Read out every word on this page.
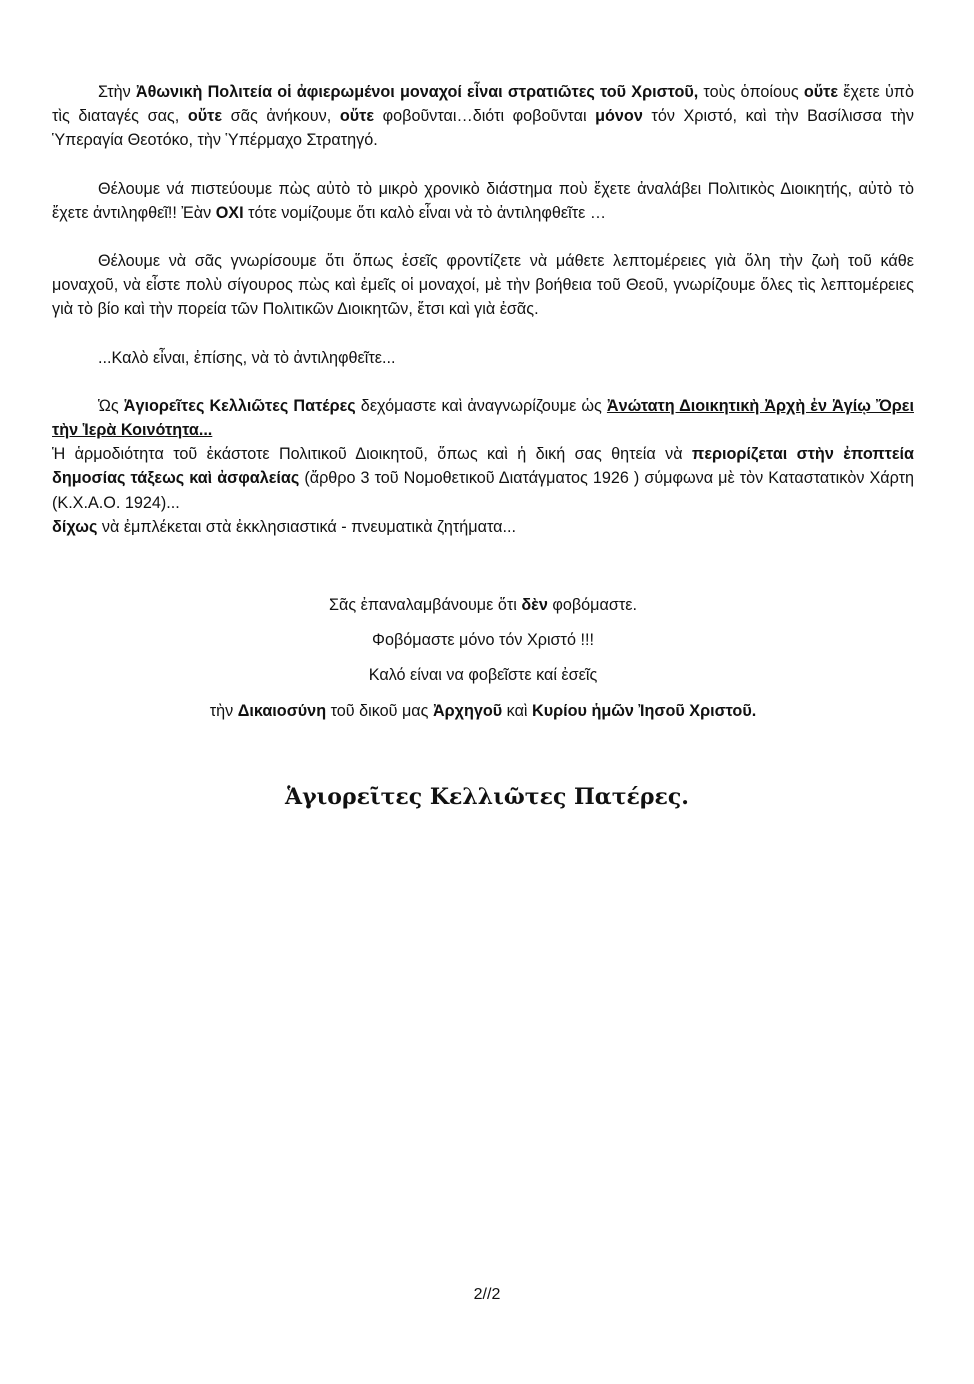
Στὴν Ἀθωνικὴ Πολιτεία οἱ ἀφιερωμένοι μοναχοί εἶναι στρατιῶτες τοῦ Χριστοῦ, τοὺς ὁποίους οὔτε ἔχετε ὑπὸ τὶς διαταγές σας, οὔτε σᾶς ἀνήκουν, οὔτε φοβοῦνται…διότι φοβοῦνται μόνον τόν Χριστό, καὶ τὴν Βασίλισσα τὴν Ὑπεραγία Θεοτόκο, τὴν Ὑπέρμαχο Στρατηγό.

Θέλουμε νά πιστεύουμε πὼς αὐτὸ τὸ μικρὸ χρονικὸ διάστημα ποὺ ἔχετε ἀναλάβει Πολιτικὸς Διοικητής, αὐτὸ τὸ ἔχετε ἀντιληφθεῖ!! Ἐὰν ΟΧΙ τότε νομίζουμε ὅτι καλὸ εἶναι νὰ τὸ ἀντιληφθεῖτε …

Θέλουμε νὰ σᾶς γνωρίσουμε ὅτι ὅπως ἐσεῖς φροντίζετε νὰ μάθετε λεπτομέρειες γιὰ ὅλη τὴν ζωὴ τοῦ κάθε μοναχοῦ, νὰ εἶστε πολὺ σίγουρος πὼς καὶ ἐμεῖς οἱ μοναχοί, μὲ τὴν βοήθεια τοῦ Θεοῦ, γνωρίζουμε ὅλες τὶς λεπτομέρειες γιὰ τὸ βίο καὶ τὴν πορεία τῶν Πολιτικῶν Διοικητῶν, ἔτσι καὶ γιὰ ἐσᾶς.

...Καλὸ εἶναι, ἐπίσης, νὰ τὸ ἀντιληφθεῖτε...

Ὡς Ἁγιορεῖτες Κελλιῶτες Πατέρες δεχόμαστε καὶ ἀναγνωρίζουμε ὡς Ἀνώτατη Διοικητικὴ Ἀρχὴ ἐν Ἁγίῳ Ὄρει τὴν Ἱερὰ Κοινότητα...

Ἡ ἁρμοδιότητα τοῦ ἑκάστοτε Πολιτικοῦ Διοικητοῦ, ὅπως καὶ ἡ δική σας θητεία νὰ περιορίζεται στὴν ἐποπτεία δημοσίας τάξεως καὶ ἀσφαλείας (ἄρθρο 3 τοῦ Νομοθετικοῦ Διατάγματος 1926 ) σύμφωνα μὲ τὸν Καταστατικὸν Χάρτη (Κ.Χ.Α.Ο. 1924)...

δίχως νὰ ἐμπλέκεται στὰ ἐκκλησιαστικά - πνευματικὰ ζητήματα...

Σᾶς ἐπαναλαμβάνουμε ὅτι δὲν φοβόμαστε.

Φοβόμαστε μόνο τόν Χριστό !!!

Καλό είναι να φοβεῖστε καί ἐσεῖς

τὴν Δικαιοσύνη τοῦ δικοῦ μας Ἀρχηγοῦ καὶ Κυρίου ἡμῶν Ἰησοῦ Χριστοῦ.

Ἁγιορεῖτες Κελλιῶτες Πατέρες.
2//2
